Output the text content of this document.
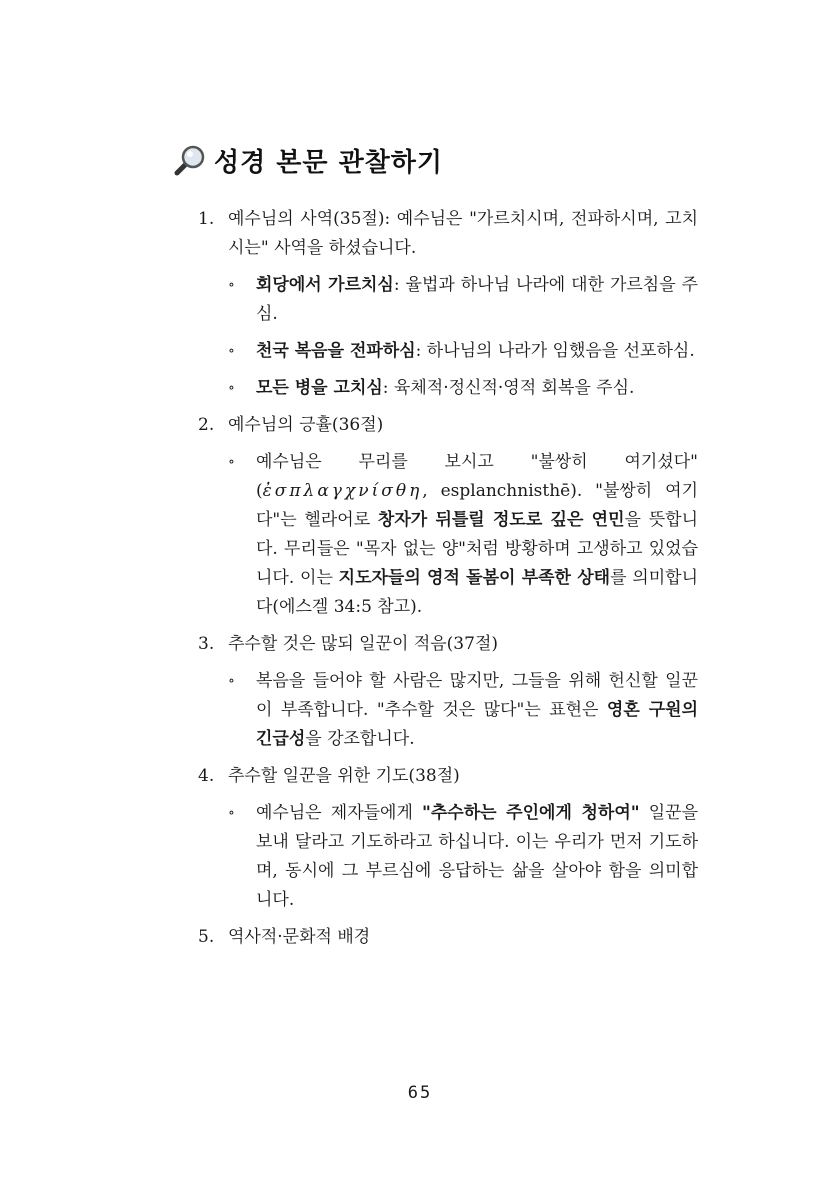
성경 본문 관찰하기
1. 예수님의 사역(35절): 예수님은 "가르치시며, 전파하시며, 고치시는" 사역을 하셨습니다.
∘	회당에서 가르치심: 율법과 하나님 나라에 대한 가르침을 주심.
∘	천국 복음을 전파하심: 하나님의 나라가 임했음을 선포하심.
∘	모든 병을 고치심: 육체적·정신적·영적 회복을 주심.
2. 예수님의 긍휼(36절)
∘	예수님은 무리를 보시고 "불쌍히 여기셨다"(ἐσπλαγχνίσθη, esplanchnisthē). "불쌍히 여기다"는 헬라어로 창자가 뒤틀릴 정도로 깊은 연민을 뜻합니다. 무리들은 "목자 없는 양"처럼 방황하며 고생하고 있었습니다. 이는 지도자들의 영적 돌봄이 부족한 상태를 의미합니다(에스겔 34:5 참고).
3. 추수할 것은 많되 일꾼이 적음(37절)
∘	복음을 들어야 할 사람은 많지만, 그들을 위해 헌신할 일꾼이 부족합니다. "추수할 것은 많다"는 표현은 영혼 구원의 긴급성을 강조합니다.
4. 추수할 일꾼을 위한 기도(38절)
∘	예수님은 제자들에게 "추수하는 주인에게 청하여" 일꾼을 보내 달라고 기도하라고 하십니다. 이는 우리가 먼저 기도하며, 동시에 그 부르심에 응답하는 삶을 살아야 함을 의미합니다.
5. 역사적·문화적 배경
65
